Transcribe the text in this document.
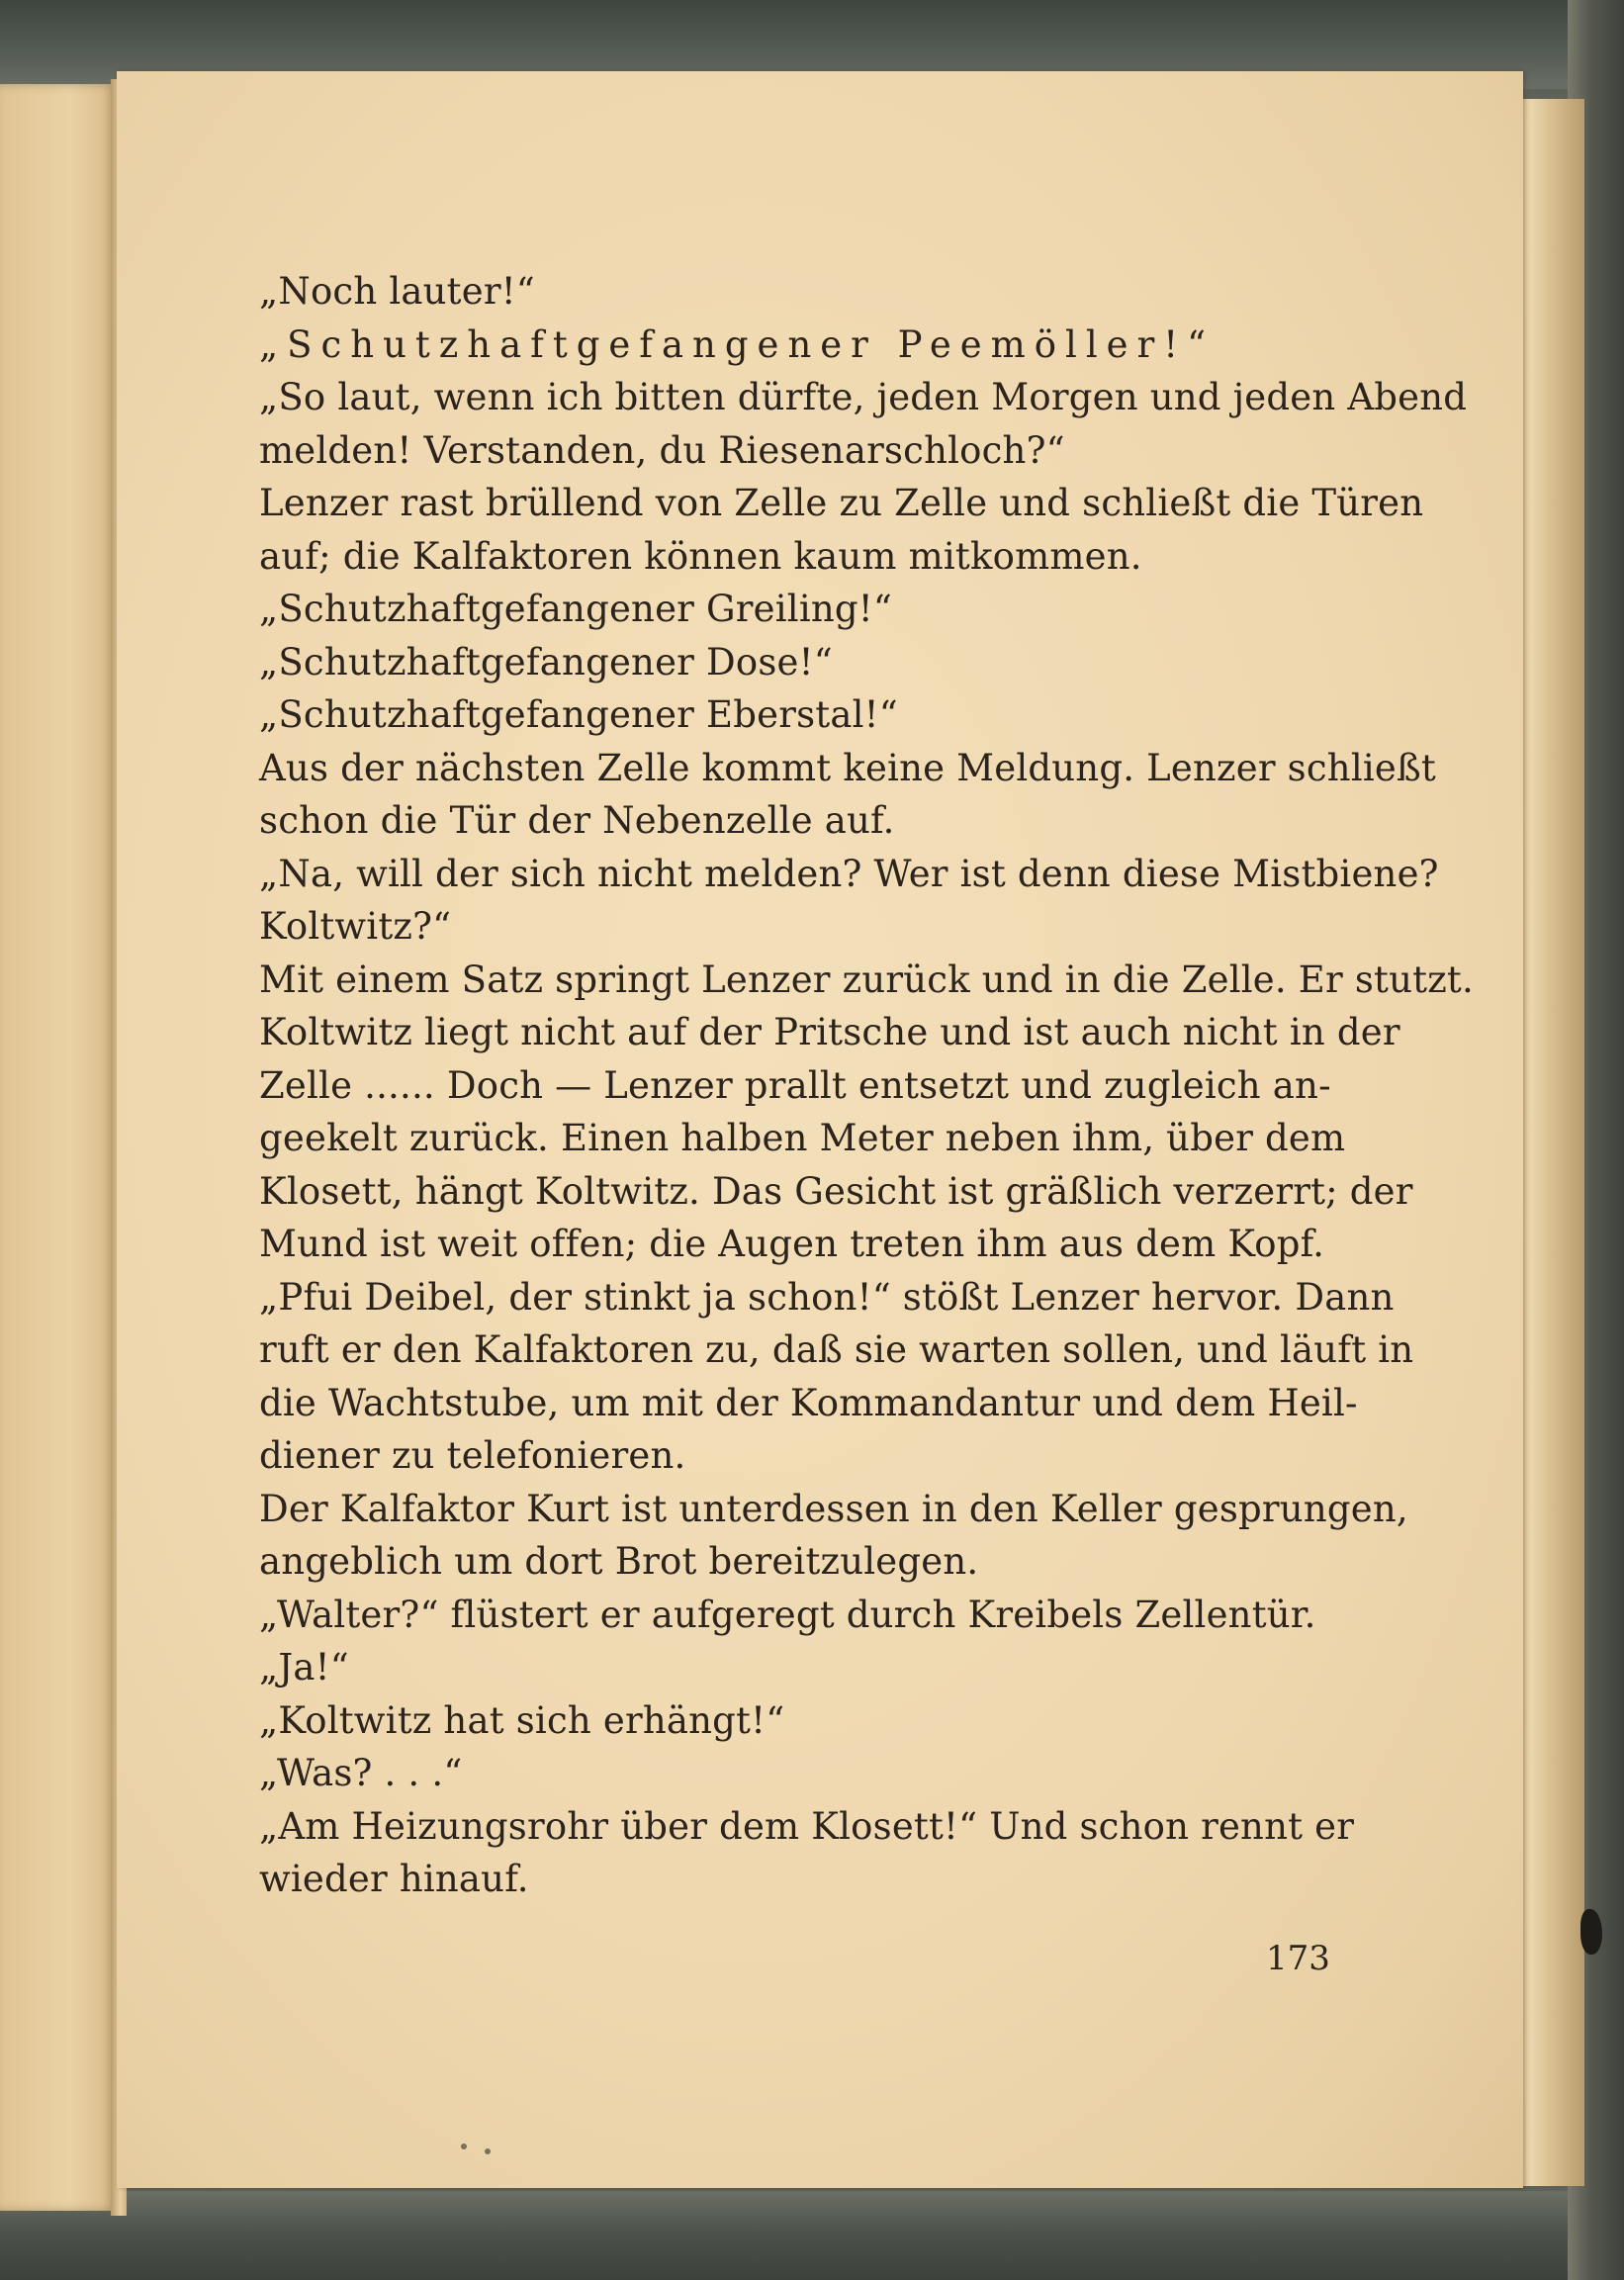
„Noch lauter!“
„Schutzhaftgefangener Peemöller!“
„So laut, wenn ich bitten dürfte, jeden Morgen und jeden Abend
melden! Verstanden, du Riesenarschloch?“
Lenzer rast brüllend von Zelle zu Zelle und schließt die Türen
auf; die Kalfaktoren können kaum mitkommen.
„Schutzhaftgefangener Greiling!“
„Schutzhaftgefangener Dose!“
„Schutzhaftgefangener Eberstal!“
Aus der nächsten Zelle kommt keine Meldung. Lenzer schließt
schon die Tür der Nebenzelle auf.
„Na, will der sich nicht melden? Wer ist denn diese Mistbiene?
Koltwitz?“
Mit einem Satz springt Lenzer zurück und in die Zelle. Er stutzt.
Koltwitz liegt nicht auf der Pritsche und ist auch nicht in der
Zelle ...... Doch — Lenzer prallt entsetzt und zugleich an-
geekelt zurück. Einen halben Meter neben ihm, über dem
Klosett, hängt Koltwitz. Das Gesicht ist gräßlich verzerrt; der
Mund ist weit offen; die Augen treten ihm aus dem Kopf.
„Pfui Deibel, der stinkt ja schon!“ stößt Lenzer hervor. Dann
ruft er den Kalfaktoren zu, daß sie warten sollen, und läuft in
die Wachtstube, um mit der Kommandantur und dem Heil-
diener zu telefonieren.
Der Kalfaktor Kurt ist unterdessen in den Keller gesprungen,
angeblich um dort Brot bereitzulegen.
„Walter?“ flüstert er aufgeregt durch Kreibels Zellentür.
„Ja!“
„Koltwitz hat sich erhängt!“
„Was? . . .“
„Am Heizungsrohr über dem Klosett!“ Und schon rennt er
wieder hinauf.
173
